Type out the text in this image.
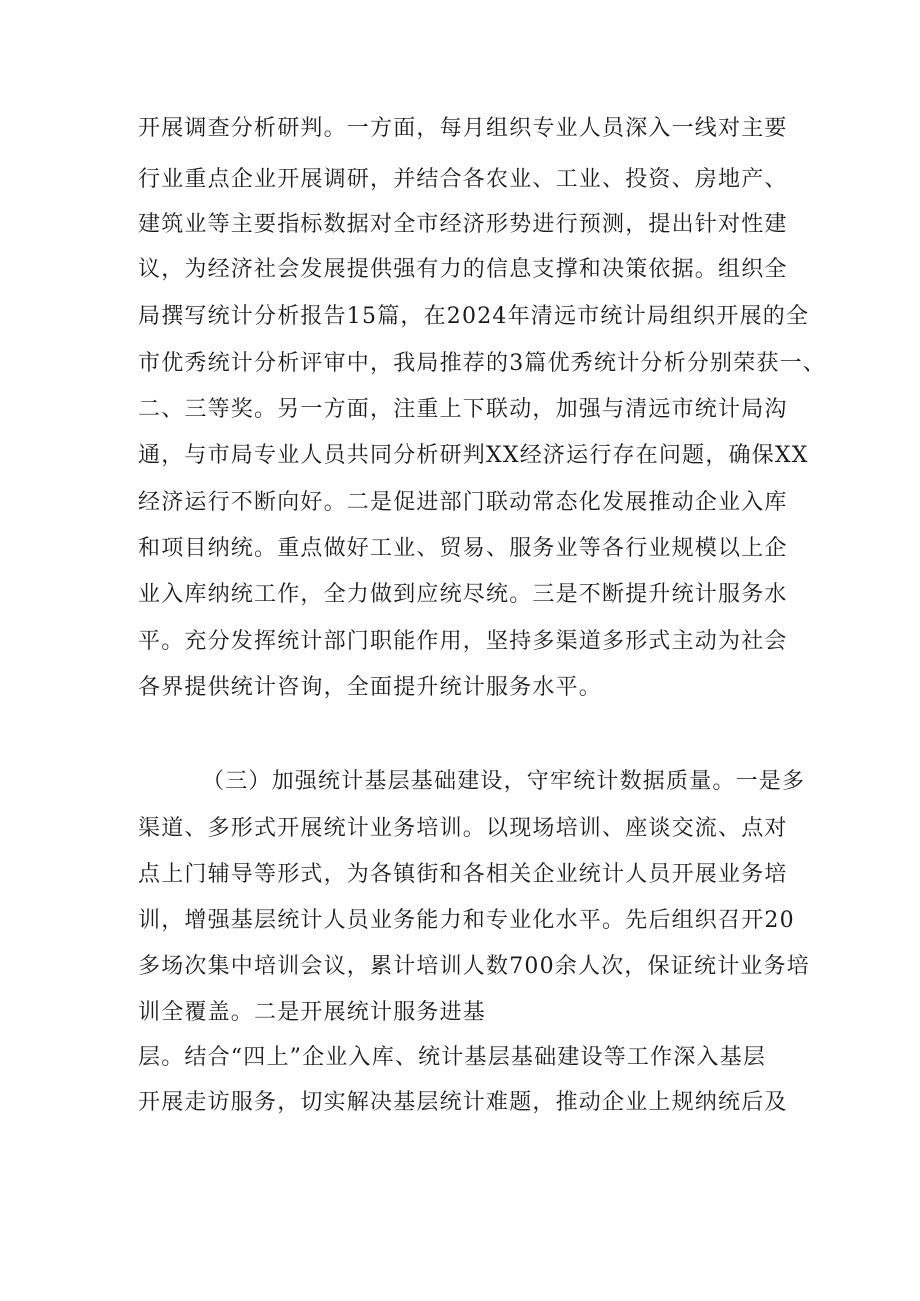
开展调查分析研判。一方面，每月组织专业人员深入一线对主要
行业重点企业开展调研，并结合各农业、工业、投资、房地产、
建筑业等主要指标数据对全市经济形势进行预测，提出针对性建
议，为经济社会发展提供强有力的信息支撑和决策依据。组织全
局撰写统计分析报告15篇，在2024年清远市统计局组织开展的全
市优秀统计分析评审中，我局推荐的3篇优秀统计分析分别荣获一、
二、三等奖。另一方面，注重上下联动，加强与清远市统计局沟
通，与市局专业人员共同分析研判XX经济运行存在问题，确保XX
经济运行不断向好。二是促进部门联动常态化发展推动企业入库
和项目纳统。重点做好工业、贸易、服务业等各行业规模以上企
业入库纳统工作，全力做到应统尽统。三是不断提升统计服务水
平。充分发挥统计部门职能作用，坚持多渠道多形式主动为社会
各界提供统计咨询，全面提升统计服务水平。
（三）加强统计基层基础建设，守牢统计数据质量。一是多
渠道、多形式开展统计业务培训。以现场培训、座谈交流、点对
点上门辅导等形式，为各镇街和各相关企业统计人员开展业务培
训，增强基层统计人员业务能力和专业化水平。先后组织召开20
多场次集中培训会议，累计培训人数700余人次，保证统计业务培
训全覆盖。二是开展统计服务进基
层。结合“四上”企业入库、统计基层基础建设等工作深入基层
开展走访服务，切实解决基层统计难题，推动企业上规纳统后及
